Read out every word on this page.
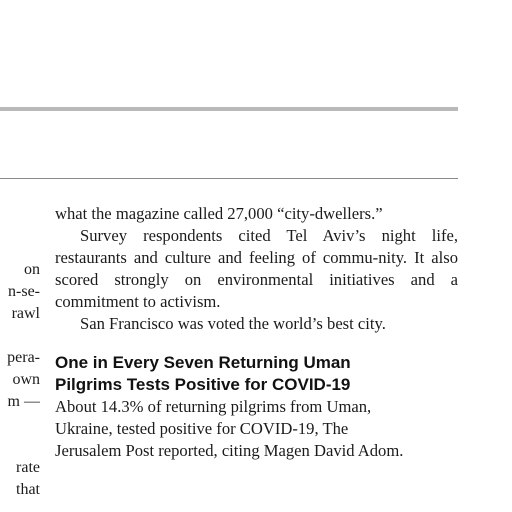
on
n-se-
rawl
pera-
own
m —
rate
that

what the magazine called 27,000 “city-dwellers.”

Survey respondents cited Tel Aviv’s night life, restaurants and culture and feeling of commu-nity. It also scored strongly on environmental initiatives and a commitment to activism.

San Francisco was voted the world’s best city.

One in Every Seven Returning Uman
Pilgrims Tests Positive for COVID-19

About 14.3% of returning pilgrims from Uman,
Ukraine, tested positive for COVID-19, The
Jerusalem Post reported, citing Magen David Adom.
